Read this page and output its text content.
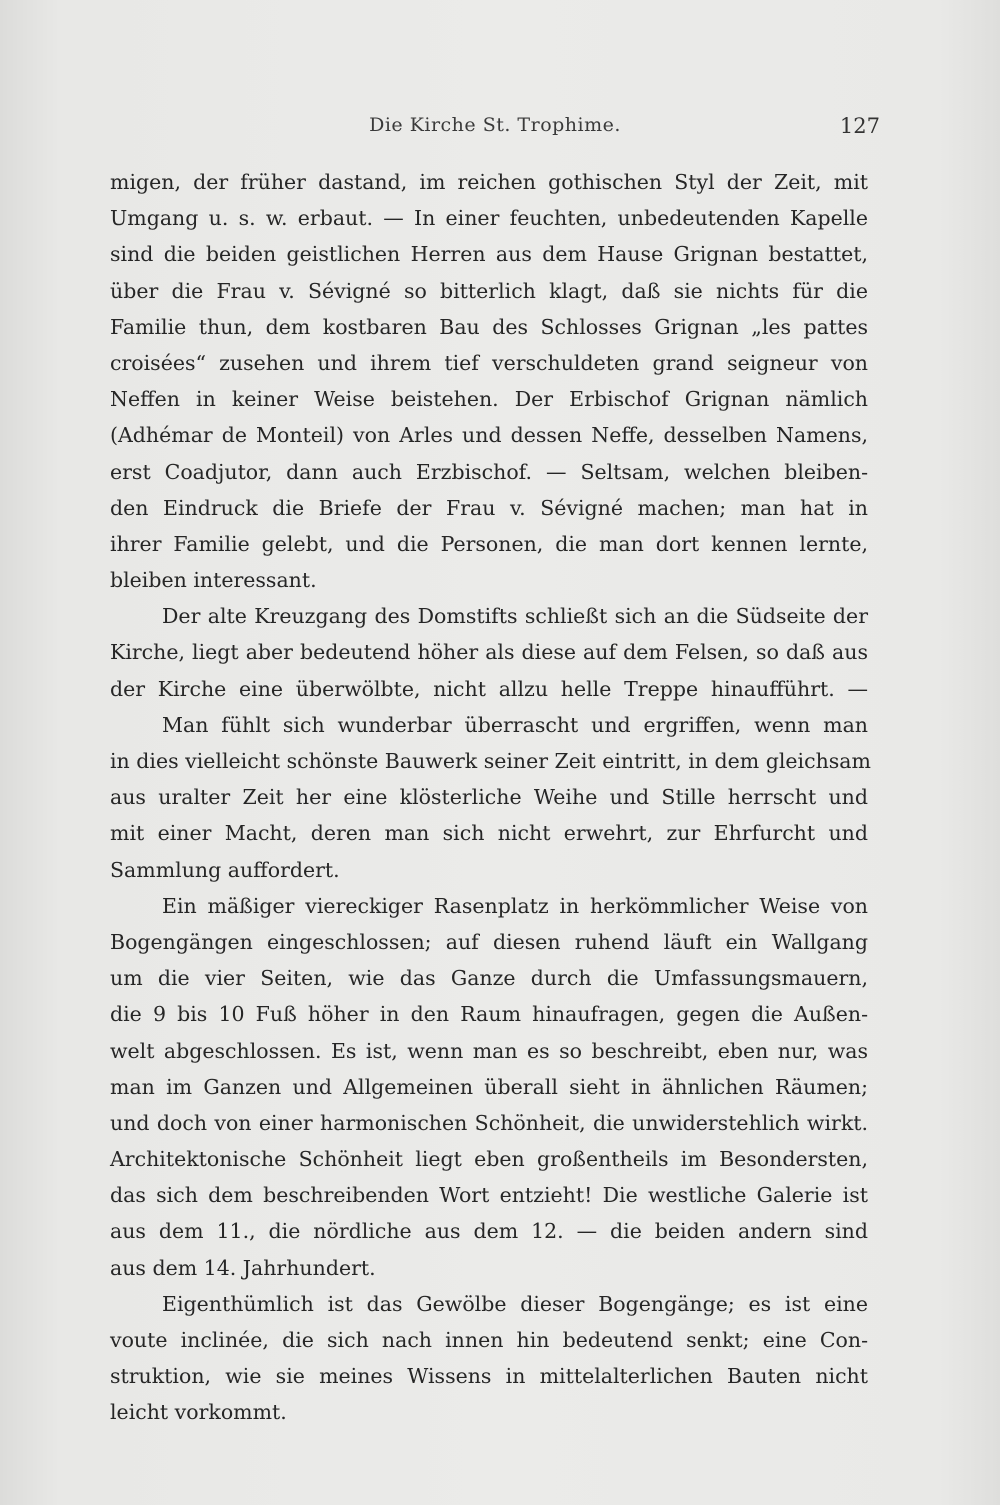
Die Kirche St. Trophime.	127
migen, der früher dastand, im reichen gothischen Styl der Zeit, mit
Umgang u. s. w. erbaut. — In einer feuchten, unbedeutenden Kapelle
sind die beiden geistlichen Herren aus dem Hause Grignan bestattet,
über die Frau v. Sévigné so bitterlich klagt, daß sie nichts für die
Familie thun, dem kostbaren Bau des Schlosses Grignan „les pattes
croisées“ zusehen und ihrem tief verschuldeten grand seigneur von
Neffen in keiner Weise beistehen. Der Erbischof Grignan nämlich
(Adhémar de Monteil) von Arles und dessen Neffe, desselben Namens,
erst Coadjutor, dann auch Erzbischof. — Seltsam, welchen bleiben-
den Eindruck die Briefe der Frau v. Sévigné machen; man hat in
ihrer Familie gelebt, und die Personen, die man dort kennen lernte,
bleiben interessant.
Der alte Kreuzgang des Domstifts schließt sich an die Südseite der
Kirche, liegt aber bedeutend höher als diese auf dem Felsen, so daß aus
der Kirche eine überwölbte, nicht allzu helle Treppe hinaufführt. —
Man fühlt sich wunderbar überrascht und ergriffen, wenn man
in dies vielleicht schönste Bauwerk seiner Zeit eintritt, in dem gleichsam
aus uralter Zeit her eine klösterliche Weihe und Stille herrscht und
mit einer Macht, deren man sich nicht erwehrt, zur Ehrfurcht und
Sammlung auffordert.
Ein mäßiger viereckiger Rasenplatz in herkömmlicher Weise von
Bogengängen eingeschlossen; auf diesen ruhend läuft ein Wallgang
um die vier Seiten, wie das Ganze durch die Umfassungsmauern,
die 9 bis 10 Fuß höher in den Raum hinaufragen, gegen die Außen-
welt abgeschlossen. Es ist, wenn man es so beschreibt, eben nur, was
man im Ganzen und Allgemeinen überall sieht in ähnlichen Räumen;
und doch von einer harmonischen Schönheit, die unwiderstehlich wirkt.
Architektonische Schönheit liegt eben großentheils im Besondersten,
das sich dem beschreibenden Wort entzieht! Die westliche Galerie ist
aus dem 11., die nördliche aus dem 12. — die beiden andern sind
aus dem 14. Jahrhundert.
Eigenthümlich ist das Gewölbe dieser Bogengänge; es ist eine
voute inclinée, die sich nach innen hin bedeutend senkt; eine Con-
struktion, wie sie meines Wissens in mittelalterlichen Bauten nicht
leicht vorkommt.
